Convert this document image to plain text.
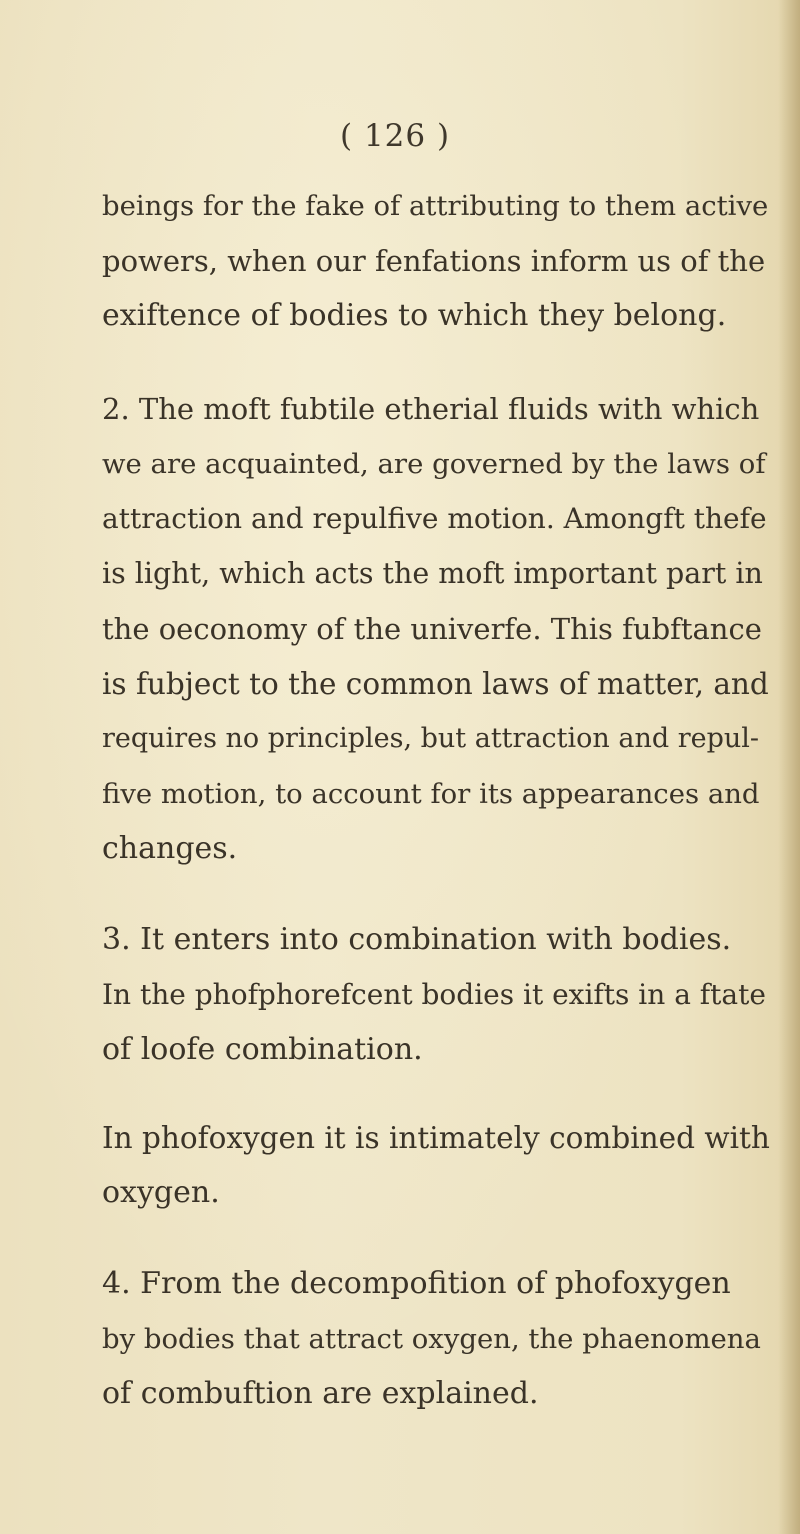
( 126 )
beings for the fake of attributing to them active
powers, when our fenfations inform us of the
exiftence of bodies to which they belong.
2. The moft fubtile etherial fluids with which
we are acquainted, are governed by the laws of
attraction and repulfive motion. Amongft thefe
is light, which acts the moft important part in
the oeconomy of the univerfe. This fubftance
is fubject to the common laws of matter, and
requires no principles, but attraction and repul-
five motion, to account for its appearances and
changes.
3. It enters into combination with bodies.
In the phofphorefcent bodies it exifts in a ftate
of loofe combination.
In phofoxygen it is intimately combined with
oxygen.
4. From the decompofition of phofoxygen
by bodies that attract oxygen, the phaenomena
of combuftion are explained.
